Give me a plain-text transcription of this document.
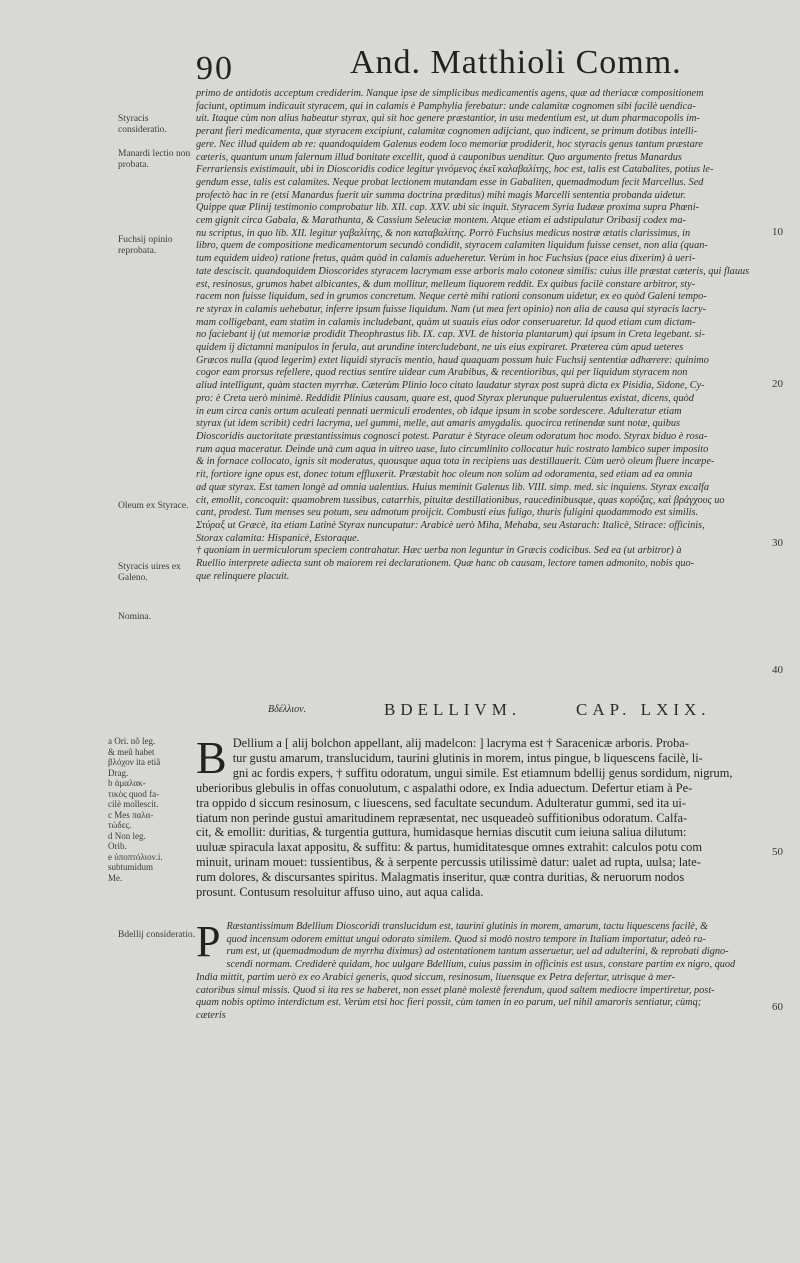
90	And. Matthioli Comm.
Styracis consideratio.
Manardi lectio non probata.
Fuchsij opinio reprobata.
Oleum ex Styrace.
Styracis uires ex Galeno.
Nomina.
a Ori. nõ leg.
& meũ habet
βλόχον ita etiã
Drag.
b ἀμαλακ-
τικὸς quod fa-
cilè mollescit.
c Mes παλα-
τώδες.
d Non leg.
Orib.
e ὑποπτόλιον.i.
subtumidum
Me.
Bdellij consideratio.
10
20
30
40
50
60
primo de antidotis acceptum crediderim. Nanque ipse de simplicibus medicamentis agens, quæ ad theriacæ compositionem
faciunt, optimum indicauit styracem, qui in calamis è Pamphylia ferebatur: unde calamitæ cognomen sibi facilè uendica-
uit. Itaque cùm non alius habeatur styrax, qui sit hoc genere præstantior, in usu medentium est, ut dum pharmacopolis im-
perant fieri medicamenta, quæ styracem excipiunt, calamitæ cognomen adijciant, quo indicent, se primum dotibus intelli-
gere. Nec illud quidem ab re: quandoquidem Galenus eodem loco memoriæ prodiderit, hoc styracis genus tantum præstare
cæteris, quantum unum falernum illud bonitate excellit, quod à cauponibus uenditur. Quo argumento fretus Manardus
Ferrariensis existimauit, ubi in Dioscoridis codice legitur γινόμενος ἐκεῖ καλαβαλίτης, hoc est, talis est Catabalites, potius le-
gendum esse, talis est calamites. Neque probat lectionem mutandam esse in Gabaliten, quemadmodum fecit Marcellus. Sed
profectò hac in re (etsi Manardus fuerit uir summa doctrina præditus) mihi magis Marcelli sententia probanda uidetur.
Quippe quæ Plinij testimonio comprobatur lib. XII. cap. XXV. ubi sic inquit. Styracem Syria Iudææ proxima supra Phœni-
cem gignit circa Gabala, & Marathunta, & Cassium Seleuciæ montem. Atque etiam ei adstipulatur Oribasij codex ma-
nu scriptus, in quo lib. XII. legitur γαβαλίτης, & non καταβαλίτης. Porrò Fuchsius medicus nostræ ætatis clarissimus, in
libro, quem de compositione medicamentorum secundò condidit, styracem calamiten liquidum fuisse censet, non alia (quan-
tum equidem uideo) ratione fretus, quàm quòd in calamis adueheretur. Verùm in hoc Fuchsius (pace eius dixerim) à ueri-
tate desciscit. quandoquidem Dioscorides styracem lacrymam esse arboris malo cotoneæ similis: cuius ille præstat cæteris, qui flauus
est, resinosus, grumos habet albicantes, & dum mollitur, melleum liquorem reddit. Ex quibus facilè constare arbitror, sty-
racem non fuisse liquidum, sed in grumos concretum. Neque certè mihi rationi consonum uidetur, ex eo quòd Galeni tempo-
re styrax in calamis uehebatur, inferre ipsum fuisse liquidum. Nam (ut mea fert opinio) non alia de causa qui styracis lacry-
mam colligebant, eam statim in calamis includebant, quàm ut suauis eius odor conseruaretur. Id quod etiam cum dictam-
no faciebant ij (ut memoriæ prodidit Theophrastus lib. IX. cap. XVI. de historia plantarum) qui ipsum in Creta legebant. si-
quidem ij dictamni manipulos in ferula, aut arundine intercludebant, ne uis eius expiraret. Præterea cùm apud ueteres
Græcos nulla (quod legerim) extet liquidi styracis mentio, haud quaquam possum huic Fuchsij sententiæ adhærere: quinimo
cogor eam prorsus refellere, quod rectius sentire uidear cum Arabibus, & recentioribus, qui per liquidum styracem non
aliud intelligunt, quàm stacten myrrhæ. Cæterùm Plinio loco citato laudatur styrax post suprà dicta ex Pisidia, Sidone, Cy-
pro: è Creta uerò minimè. Reddidit Plinius causam, quare est, quod Styrax plerunque puluerulentus existat, dicens, quòd
in eum circa canis ortum aculeati pennati uermiculi erodentes, ob idque ipsum in scobe sordescere. Adulteratur etiam
styrax (ut idem scribit) cedri lacryma, uel gummi, melle, aut amaris amygdalis. quocirca retinendæ sunt notæ, quibus
Dioscoridis auctoritate præstantissimus cognosci potest. Paratur è Styrace oleum odoratum hoc modo. Styrax biduo è rosa-
rum aqua maceratur. Deinde unà cum aqua in uitreo uase, luto circumlinito collocatur huic rostrato lambico super imposito
& in fornace collocato, ignis sit moderatus, quousque aqua tota in recipiens uas destillauerit. Cùm uerò oleum fluere incæpe-
rit, fortiore igne opus est, donec totum effluxerit. Præstabit hoc oleum non solùm ad odoramenta, sed etiam ad ea omnia
ad quæ styrax. Est tamen longè ad omnia ualentius. Huius meminit Galenus lib. VIII. simp. med. sic inquiens. Styrax excalfa
cit, emollit, concoquit: quamobrem tussibus, catarrhis, pituitæ destillationibus, raucedinibusque, quas κορύζας, καὶ βράγχους uo
cant, prodest. Tum menses seu potum, seu admotum proijcit. Combusti eius fuligo, thuris fuligini quodammodo est similis.
Στύραξ ut Græcè, ita etiam Latinè Styrax nuncupatur: Arabicè uerò Miha, Mehaba, seu Astarach: Italicè, Stirace: officinis,
Storax calamita: Hispanicè, Estoraque.
† quoniam in uermiculorum speciem contrahatur. Hæc uerba non leguntur in Græcis codicibus. Sed ea (ut arbitror) à
Ruellio interprete adiecta sunt ob maiorem rei declarationem. Quæ hanc ob causam, lectore tamen admonito, nobis quo-
que relinquere placuit.
Βδέλλιον.	BDELLIVM.	CAP. LXIX.
B Dellium a [ alij bolchon appellant, alij madelcon: ] lacryma est † Saracenicæ arboris. Proba-
tur gustu amarum, translucidum, taurini glutinis in morem, intus pingue, b liquescens facilè, li-
gni ac fordis expers, † suffitu odoratum, ungui simile. Est etiamnum bdellij genus sordidum, nigrum,
uberioribus glebulis in offas conuolutum, c aspalathi odore, ex India aduectum. Defertur etiam à Pe-
tra oppido d siccum resinosum, c liuescens, sed facultate secundum. Adulteratur gummi, sed ita ui-
tiatum non perinde gustui amaritudinem repræsentat, nec usqueadeò suffitionibus odoratum. Calfa-
cit, & emollit: duritias, & turgentia guttura, humidasque hernias discutit cum ieiuna saliua dilutum:
uuluæ spiracula laxat appositu, & suffitu: & partus, humiditatesque omnes extrahit: calculos potu com
minuit, urinam mouet: tussientibus, & à serpente percussis utilissimè datur: ualet ad rupta, uulsa; late-
rum dolores, & discursantes spiritus. Malagmatis inseritur, quæ contra duritias, & neruorum nodos
prosunt. Contusum resoluitur affuso uino, aut aqua calida.
P Ræstantissimum Bdellium Dioscoridi translucidum est, taurini glutinis in morem, amarum, tactu liquescens facilè, &
quod incensum odorem emittat ungui odorato similem. Quod si modò nostro tempore in Italiam importatur, adeò ra-
rum est, ut (quemadmodum de myrrha diximus) ad ostentationem tantum asseruetur, uel ad adulterini, & reprobati digno-
scendi normam. Crediderè quidam, hoc uulgare Bdellium, cuius passim in officinis est usus, constare partim ex nigro, quod
India mittit, partim uerò ex eo Arabici generis, quod siccum, resinosum, liuensque ex Petra defertur, utrisque à mer-
catoribus simul missis. Quod si ita res se haberet, non esset planè molestè ferendum, quod saltem mediocre impertiretur, post-
quam nobis optimo interdictum est. Verùm etsi hoc fieri possit, cùm tamen in eo parum, uel nihil amaroris sentiatur, cùmq;
cæteris
